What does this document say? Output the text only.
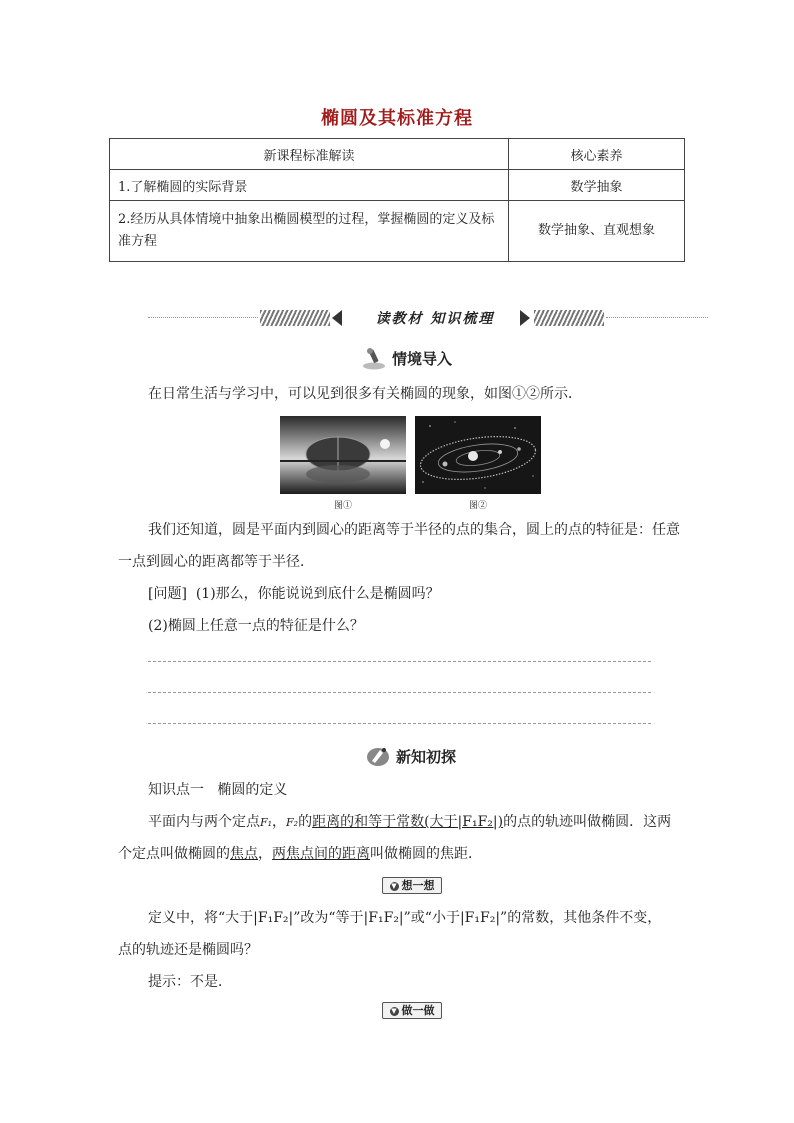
椭圆及其标准方程
新课程标准解读	核心素养
1.了解椭圆的实际背景	数学抽象
2.经历从具体情境中抽象出椭圆模型的过程，掌握椭圆的定义及标准方程	数学抽象、直观想象
读教材 知识梳理
情境导入
在日常生活与学习中，可以见到很多有关椭圆的现象，如图①②所示．
图①	图②
我们还知道，圆是平面内到圆心的距离等于半径的点的集合，圆上的点的特征是：任意
一点到圆心的距离都等于半径．
[问题] (1)那么，你能说说到底什么是椭圆吗？
(2)椭圆上任意一点的特征是什么？
新知初探
知识点一 椭圆的定义
平面内与两个定点F₁，F₂的距离的和等于常数(大于|F₁F₂|)的点的轨迹叫做椭圆．这两
个定点叫做椭圆的焦点，两焦点间的距离叫做椭圆的焦距．
▼ 想一想
定义中，将“大于|F₁F₂|”改为“等于|F₁F₂|”或“小于|F₁F₂|”的常数，其他条件不变，
点的轨迹还是椭圆吗？
提示：不是．
▼ 做一做
